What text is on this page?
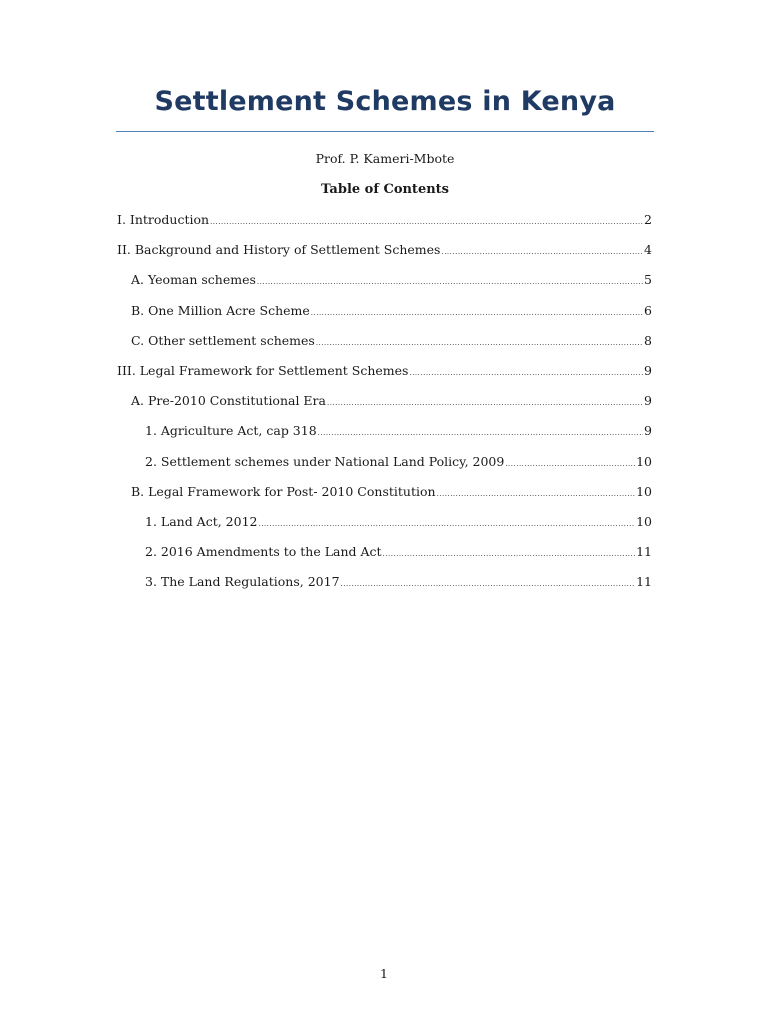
Settlement Schemes in Kenya
Prof. P. Kameri-Mbote
Table of Contents
I. Introduction .....	2
II. Background and History of Settlement Schemes .....	4
A. Yeoman schemes .....	5
B. One Million Acre Scheme .....	6
C. Other settlement schemes .....	8
III. Legal Framework for Settlement Schemes .....	9
A. Pre-2010 Constitutional Era .....	9
1. Agriculture Act, cap 318 .....	9
2. Settlement schemes under National Land Policy, 2009 .....	10
B. Legal Framework for Post- 2010 Constitution .....	10
1. Land Act, 2012 .....	10
2. 2016 Amendments to the Land Act .....	11
3. The Land Regulations, 2017 .....	11
1
